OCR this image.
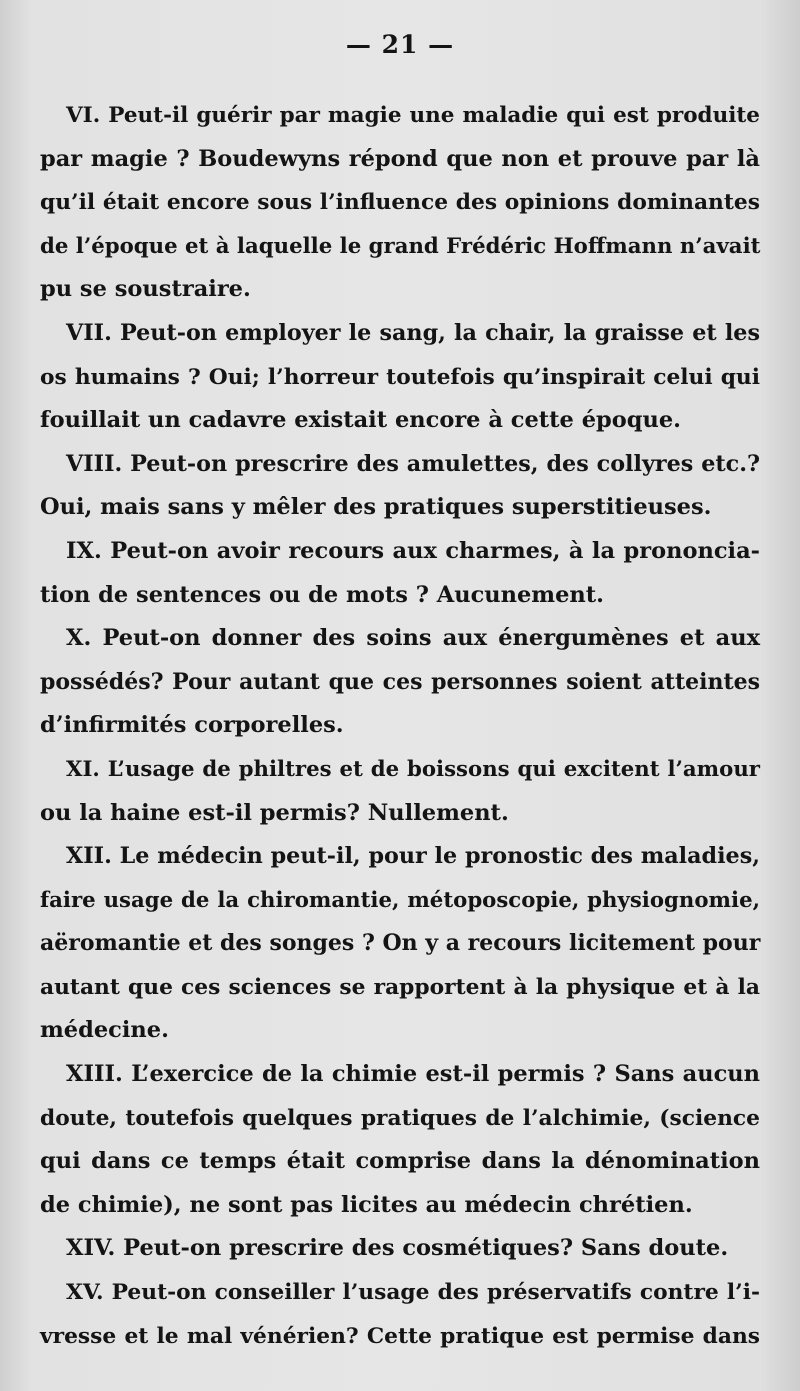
— 21 —
VI. Peut-il guérir par magie une maladie qui est produite
par magie ? Boudewyns répond que non et prouve par là
qu’il était encore sous l’influence des opinions dominantes
de l’époque et à laquelle le grand Frédéric Hoffmann n’avait
pu se soustraire.
VII. Peut-on employer le sang, la chair, la graisse et les
os humains ? Oui; l’horreur toutefois qu’inspirait celui qui
fouillait un cadavre existait encore à cette époque.
VIII. Peut-on prescrire des amulettes, des collyres etc.?
Oui, mais sans y mêler des pratiques superstitieuses.
IX. Peut-on avoir recours aux charmes, à la prononcia-
tion de sentences ou de mots ? Aucunement.
X. Peut-on donner des soins aux énergumènes et aux
possédés? Pour autant que ces personnes soient atteintes
d’infirmités corporelles.
XI. L’usage de philtres et de boissons qui excitent l’amour
ou la haine est-il permis? Nullement.
XII. Le médecin peut-il, pour le pronostic des maladies,
faire usage de la chiromantie, métoposcopie, physiognomie,
aëromantie et des songes ? On y a recours licitement pour
autant que ces sciences se rapportent à la physique et à la
médecine.
XIII. L’exercice de la chimie est-il permis ? Sans aucun
doute, toutefois quelques pratiques de l’alchimie, (science
qui dans ce temps était comprise dans la dénomination
de chimie), ne sont pas licites au médecin chrétien.
XIV. Peut-on prescrire des cosmétiques? Sans doute.
XV. Peut-on conseiller l’usage des préservatifs contre l’i-
vresse et le mal vénérien? Cette pratique est permise dans
